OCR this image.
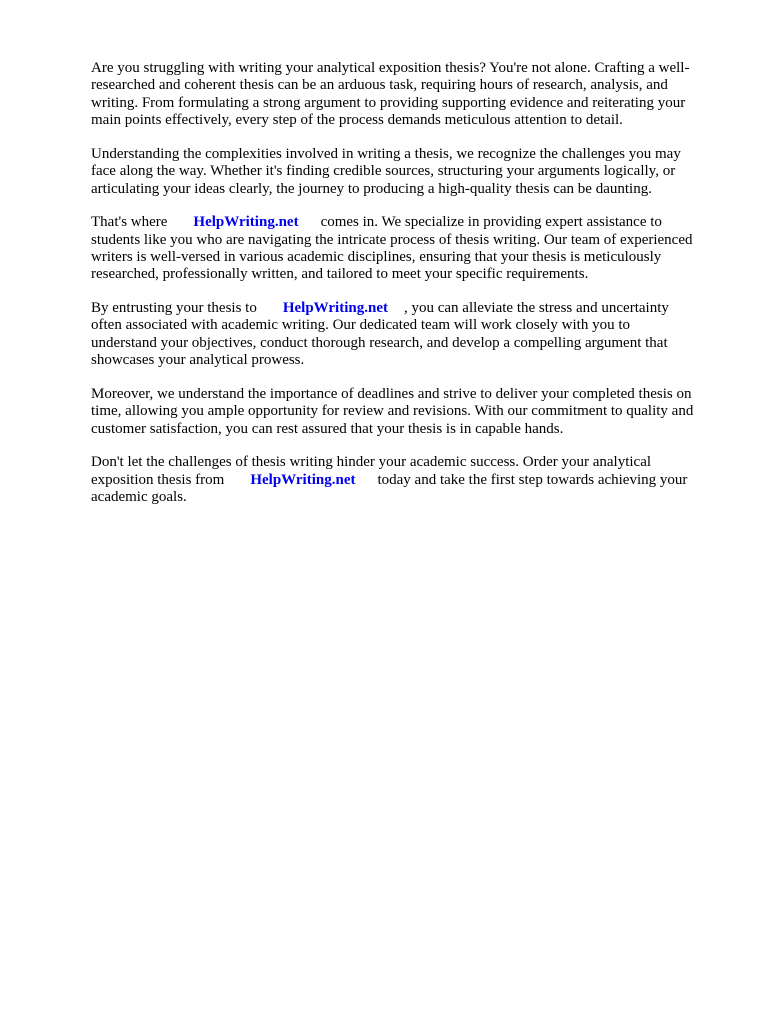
Are you struggling with writing your analytical exposition thesis? You're not alone. Crafting a well-
researched and coherent thesis can be an arduous task, requiring hours of research, analysis, and
writing. From formulating a strong argument to providing supporting evidence and reiterating your
main points effectively, every step of the process demands meticulous attention to detail.

Understanding the complexities involved in writing a thesis, we recognize the challenges you may
face along the way. Whether it's finding credible sources, structuring your arguments logically, or
articulating your ideas clearly, the journey to producing a high-quality thesis can be daunting.

That's where HelpWriting.net comes in. We specialize in providing expert assistance to
students like you who are navigating the intricate process of thesis writing. Our team of experienced
writers is well-versed in various academic disciplines, ensuring that your thesis is meticulously
researched, professionally written, and tailored to meet your specific requirements.

By entrusting your thesis to HelpWriting.net , you can alleviate the stress and uncertainty
often associated with academic writing. Our dedicated team will work closely with you to
understand your objectives, conduct thorough research, and develop a compelling argument that
showcases your analytical prowess.

Moreover, we understand the importance of deadlines and strive to deliver your completed thesis on
time, allowing you ample opportunity for review and revisions. With our commitment to quality and
customer satisfaction, you can rest assured that your thesis is in capable hands.

Don't let the challenges of thesis writing hinder your academic success. Order your analytical
exposition thesis from HelpWriting.net today and take the first step towards achieving your
academic goals.
